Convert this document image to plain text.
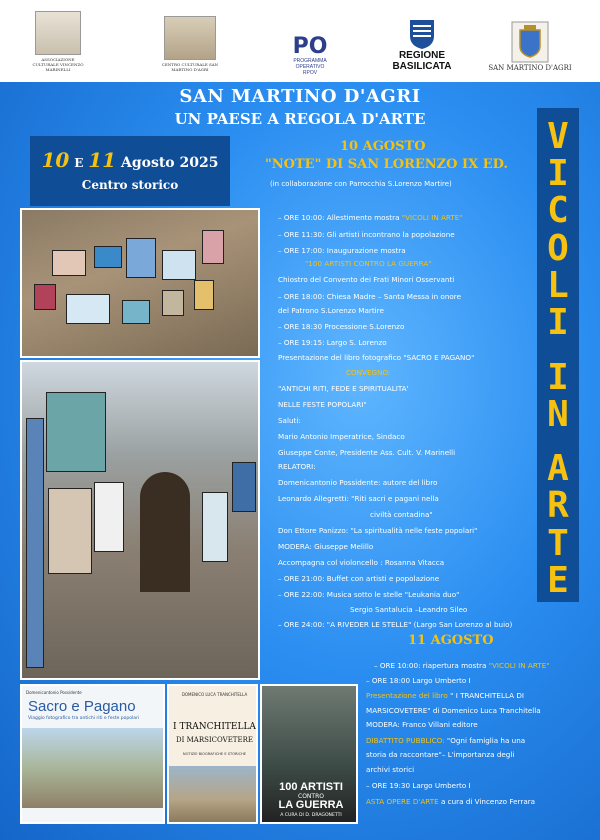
ASSOCIAZIONE CULTURALE VINCENZO MARINELLI
CENTRO CULTURALE SAN MARTINO D'AGRI
PO
PROGRAMMA
OPERATIVO
RPOV
REGIONE
BASILICATA	SAN MARTINO D'AGRI
SAN MARTINO D'AGRI
UN PAESE A REGOLA D'ARTE
10 E 11 Agosto 2025
Centro storico
V
I
C
O
L
I

I
N

A
R
T
E
10 AGOSTO
"NOTE" DI SAN LORENZO IX ED.
(in collaborazione con Parrocchia S.Lorenzo Martire)
– ORE 10:00: Allestimento mostra "VICOLI IN ARTE"
– ORE 11:30: Gli artisti incontrano la popolazione
– ORE 17:00: Inaugurazione mostra
"100 ARTISTI CONTRO LA GUERRA"
Chiostro del Convento dei Frati Minori Osservanti
– ORE 18:00: Chiesa Madre – Santa Messa in onore
del Patrono S.Lorenzo Martire
– ORE 18:30 Processione S.Lorenzo
– ORE 19:15: Largo S. Lorenzo
Presentazione del libro fotografico "SACRO E PAGANO"
CONVEGNO:
"ANTICHI RITI, FEDE E SPIRITUALITA'
NELLE FESTE POPOLARI"
Saluti:
Mario Antonio Imperatrice, Sindaco
Giuseppe Conte, Presidente Ass. Cult. V. Marinelli
RELATORI:
Domenicantonio Possidente: autore del libro
Leonardo Allegretti: "Riti sacri e pagani nella
civiltà contadina"
Don Ettore Panizzo: "La spiritualità nelle feste popolari"
MODERA: Giuseppe Melillo
Accompagna col violoncello : Rosanna Vitacca
– ORE 21:00: Buffet con artisti e popolazione
– ORE 22:00: Musica sotto le stelle "Leukania duo"
Sergio Santalucia –Leandro Sileo
– ORE 24:00: "A RIVEDER LE STELLE" (Largo San Lorenzo al buio)
11 AGOSTO
– ORE 10:00: riapertura mostra "VICOLI IN ARTE"
– ORE 18:00 Largo Umberto I
Presentazione del libro " I TRANCHITELLA DI
MARSICOVETERE" di Domenico Luca Tranchitella
MODERA: Franco Villani editore
DIBATTITO PUBBLICO: "Ogni famiglia ha una
storia da raccontare"– L'importanza degli
archivi storici
– ORE 19:30 Largo Umberto I
ASTA OPERE D'ARTE a cura di Vincenzo Ferrara
Domenicantonio Possidente
Sacro e Pagano
Viaggio fotografico tra antichi riti e feste popolari
DOMENICO LUCA TRANCHITELLA
I TRANCHITELLA
DI MARSICOVETERE
NOTIZIE BIOGRAFICHE E STORICHE
100 ARTISTI
CONTRO
LA GUERRA
A CURA DI D. DRAGONETTI
